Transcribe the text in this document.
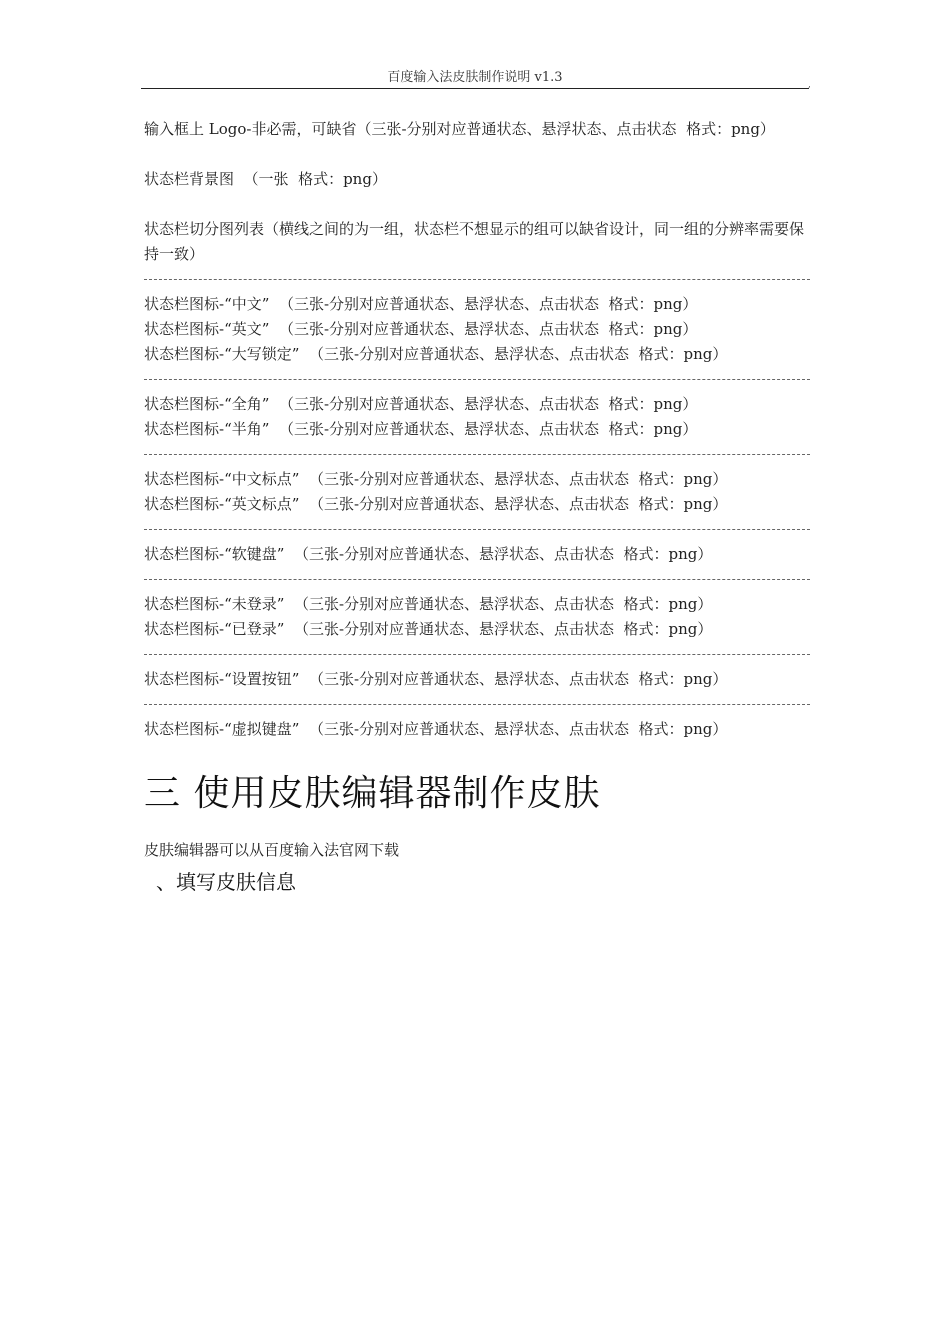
百度输入法皮肤制作说明 v1.3	,

输入框上 Logo-非必需，可缺省（三张-分别对应普通状态、悬浮状态、点击状态  格式：png）

状态栏背景图  （一张  格式：png）

状态栏切分图列表（横线之间的为一组，状态栏不想显示的组可以缺省设计，同一组的分辨率需要保持一致）

状态栏图标-“中文”  （三张-分别对应普通状态、悬浮状态、点击状态  格式：png）
状态栏图标-“英文”  （三张-分别对应普通状态、悬浮状态、点击状态  格式：png）
状态栏图标-“大写锁定”  （三张-分别对应普通状态、悬浮状态、点击状态  格式：png）
状态栏图标-“全角”  （三张-分别对应普通状态、悬浮状态、点击状态  格式：png）
状态栏图标-“半角”  （三张-分别对应普通状态、悬浮状态、点击状态  格式：png）
状态栏图标-“中文标点”  （三张-分别对应普通状态、悬浮状态、点击状态  格式：png）
状态栏图标-“英文标点”  （三张-分别对应普通状态、悬浮状态、点击状态  格式：png）
状态栏图标-“软键盘”  （三张-分别对应普通状态、悬浮状态、点击状态  格式：png）
状态栏图标-“未登录”  （三张-分别对应普通状态、悬浮状态、点击状态  格式：png）
状态栏图标-“已登录”  （三张-分别对应普通状态、悬浮状态、点击状态  格式：png）
状态栏图标-“设置按钮”  （三张-分别对应普通状态、悬浮状态、点击状态  格式：png）
状态栏图标-“虚拟键盘”  （三张-分别对应普通状态、悬浮状态、点击状态  格式：png）
三 使用皮肤编辑器制作皮肤
皮肤编辑器可以从百度输入法官网下载
、填写皮肤信息
